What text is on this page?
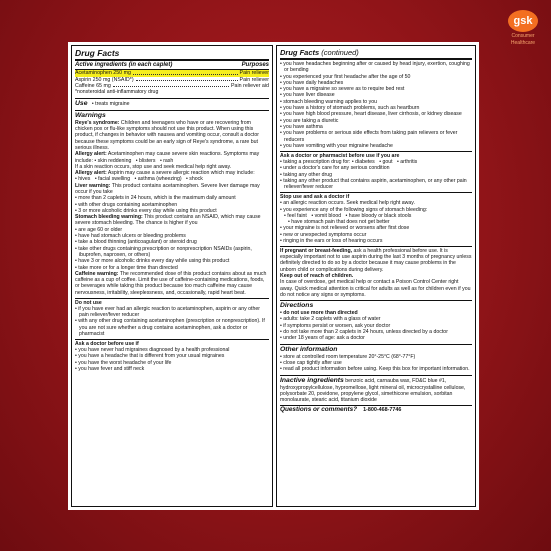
gsk
Consumer
Healthcare
Drug Facts
Active ingredients (in each caplet)	Purposes
Acetaminophen 250 mg	Pain reliever
Aspirin 250 mg (NSAID*)	Pain reliever
Caffeine 65 mg	Pain reliever aid
*nonsteroidal anti-inflammatory drug
Use • treats migraine
Warnings
Reye's syndrome: Children and teenagers who have or are recovering from chicken pox or flu-like symptoms should not use this product. When using this product, if changes in behavior with nausea and vomiting occur, consult a doctor because these symptoms could be an early sign of Reye's syndrome, a rare but serious illness.
Allergy alert: Acetaminophen may cause severe skin reactions. Symptoms may include: • skin reddening • blisters • rash
If a skin reaction occurs, stop use and seek medical help right away.
Allergy alert: Aspirin may cause a severe allergic reaction which may include:
• hives • facial swelling • asthma (wheezing) • shock
Liver warning: This product contains acetaminophen. Severe liver damage may occur if you take
• more than 2 caplets in 24 hours, which is the maximum daily amount
• with other drugs containing acetaminophen
• 3 or more alcoholic drinks every day while using this product
Stomach bleeding warning: This product contains an NSAID, which may cause severe stomach bleeding. The chance is higher if you
• are age 60 or older
• have had stomach ulcers or bleeding problems
• take a blood thinning (anticoagulant) or steroid drug
• take other drugs containing prescription or nonprescription NSAIDs (aspirin, ibuprofen, naproxen, or others)
• have 3 or more alcoholic drinks every day while using this product
• take more or for a longer time than directed
Caffeine warning: The recommended dose of this product contains about as much caffeine as a cup of coffee. Limit the use of caffeine-containing medications, foods, or beverages while taking this product because too much caffeine may cause nervousness, irritability, sleeplessness, and, occasionally, rapid heart beat.
Do not use
• if you have ever had an allergic reaction to acetaminophen, aspirin or any other pain reliever/fever reducer
• with any other drug containing acetaminophen (prescription or nonprescription). If you are not sure whether a drug contains acetaminophen, ask a doctor or pharmacist
Ask a doctor before use if
• you have never had migraines diagnosed by a health professional
• you have a headache that is different from your usual migraines
• you have the worst headache of your life
• you have fever and stiff neck
Drug Facts (continued)
• you have headaches beginning after or caused by head injury, exertion, coughing or bending
• you experienced your first headache after the age of 50
• you have daily headaches
• you have a migraine so severe as to require bed rest
• you have liver disease
• stomach bleeding warning applies to you
• you have a history of stomach problems, such as heartburn
• you have high blood pressure, heart disease, liver cirrhosis, or kidney disease
• you are taking a diuretic
• you have asthma
• you have problems or serious side effects from taking pain relievers or fever reducers
• you have vomiting with your migraine headache
Ask a doctor or pharmacist before use if you are
• taking a prescription drug for: • diabetes • gout • arthritis
• under a doctor's care for any serious condition
• taking any other drug
• taking any other product that contains aspirin, acetaminophen, or any other pain reliever/fever reducer
Stop use and ask a doctor if
• an allergic reaction occurs. Seek medical help right away.
• you experience any of the following signs of stomach bleeding:
• feel faint • vomit blood • have bloody or black stools
• have stomach pain that does not get better
• your migraine is not relieved or worsens after first dose
• new or unexpected symptoms occur
• ringing in the ears or loss of hearing occurs
If pregnant or breast-feeding, ask a health professional before use. It is especially important not to use aspirin during the last 3 months of pregnancy unless definitely directed to do so by a doctor because it may cause problems in the unborn child or complications during delivery.
Keep out of reach of children.
In case of overdose, get medical help or contact a Poison Control Center right away. Quick medical attention is critical for adults as well as for children even if you do not notice any signs or symptoms.
Directions
• do not use more than directed
• adults: take 2 caplets with a glass of water
• if symptoms persist or worsen, ask your doctor
• do not take more than 2 caplets in 24 hours, unless directed by a doctor
• under 18 years of age: ask a doctor
Other information
• store at controlled room temperature 20°-25°C (68°-77°F)
• close cap tightly after use
• read all product information before using. Keep this box for important information.
Inactive ingredients benzoic acid, carnauba wax, FD&C blue #1, hydroxypropylcellulose, hypromellose, light mineral oil, microcrystalline cellulose, polysorbate 20, povidone, propylene glycol, simethicone emulsion, sorbitan monolaurate, stearic acid, titanium dioxide
Questions or comments? 1-800-468-7746
